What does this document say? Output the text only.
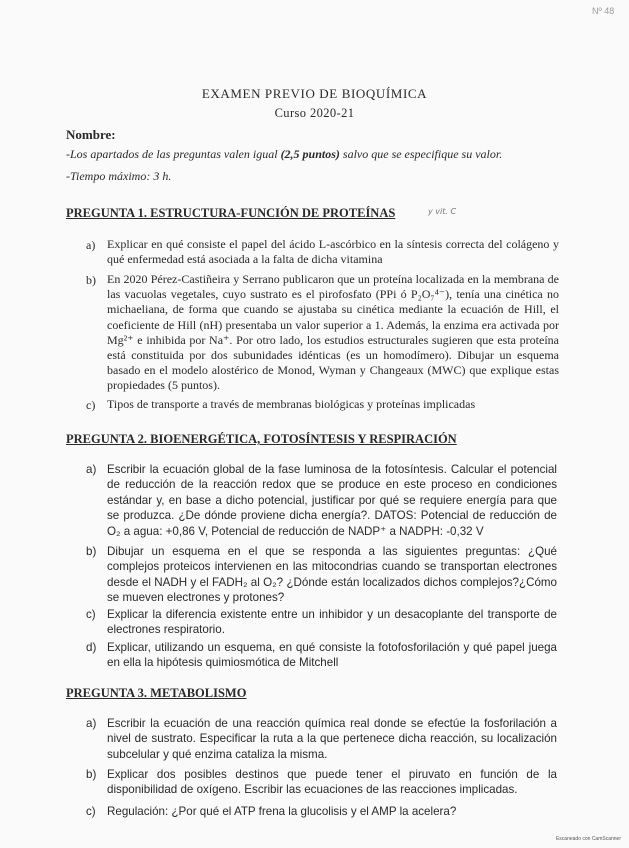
Nº 48
EXAMEN PREVIO DE BIOQUÍMICA
Curso 2020-21
Nombre:
-Los apartados de las preguntas valen igual (2,5 puntos) salvo que se especifique su valor.
-Tiempo máximo: 3 h.
PREGUNTA 1. ESTRUCTURA-FUNCIÓN DE PROTEÍNAS	y vit. C
a) Explicar en qué consiste el papel del ácido L-ascórbico en la síntesis correcta del colágeno y qué enfermedad está asociada a la falta de dicha vitamina
b) En 2020 Pérez-Castiñeira y Serrano publicaron que un proteína localizada en la membrana de las vacuolas vegetales, cuyo sustrato es el pirofosfato (PPi ó P₂O₇⁴⁻), tenía una cinética no michaeliana, de forma que cuando se ajustaba su cinética mediante la ecuación de Hill, el coeficiente de Hill (nH) presentaba un valor superior a 1. Además, la enzima era activada por Mg²⁺ e inhibida por Na⁺. Por otro lado, los estudios estructurales sugieren que esta proteína está constituida por dos subunidades idénticas (es un homodímero). Dibujar un esquema basado en el modelo alostérico de Monod, Wyman y Changeaux (MWC) que explique estas propiedades (5 puntos).
c) Tipos de transporte a través de membranas biológicas y proteínas implicadas
PREGUNTA 2. BIOENERGÉTICA, FOTOSÍNTESIS Y RESPIRACIÓN
a) Escribir la ecuación global de la fase luminosa de la fotosíntesis. Calcular el potencial de reducción de la reacción redox que se produce en este proceso en condiciones estándar y, en base a dicho potencial, justificar por qué se requiere energía para que se produzca. ¿De dónde proviene dicha energía?. DATOS: Potencial de reducción de O₂ a agua: +0,86 V, Potencial de reducción de NADP⁺ a NADPH: -0,32 V
b) Dibujar un esquema en el que se responda a las siguientes preguntas: ¿Qué complejos proteicos intervienen en las mitocondrias cuando se transportan electrones desde el NADH y el FADH₂ al O₂? ¿Dónde están localizados dichos complejos?¿Cómo se mueven electrones y protones?
c) Explicar la diferencia existente entre un inhibidor y un desacoplante del transporte de electrones respiratorio.
d) Explicar, utilizando un esquema, en qué consiste la fotofosforilación y qué papel juega en ella la hipótesis quimiosmótica de Mitchell
PREGUNTA 3. METABOLISMO
a) Escribir la ecuación de una reacción química real donde se efectúe la fosforilación a nivel de sustrato. Especificar la ruta a la que pertenece dicha reacción, su localización subcelular y qué enzima cataliza la misma.
b) Explicar dos posibles destinos que puede tener el piruvato en función de la disponibilidad de oxígeno. Escribir las ecuaciones de las reacciones implicadas.
c) Regulación: ¿Por qué el ATP frena la glucolisis y el AMP la acelera?
Escaneado con CamScanner
